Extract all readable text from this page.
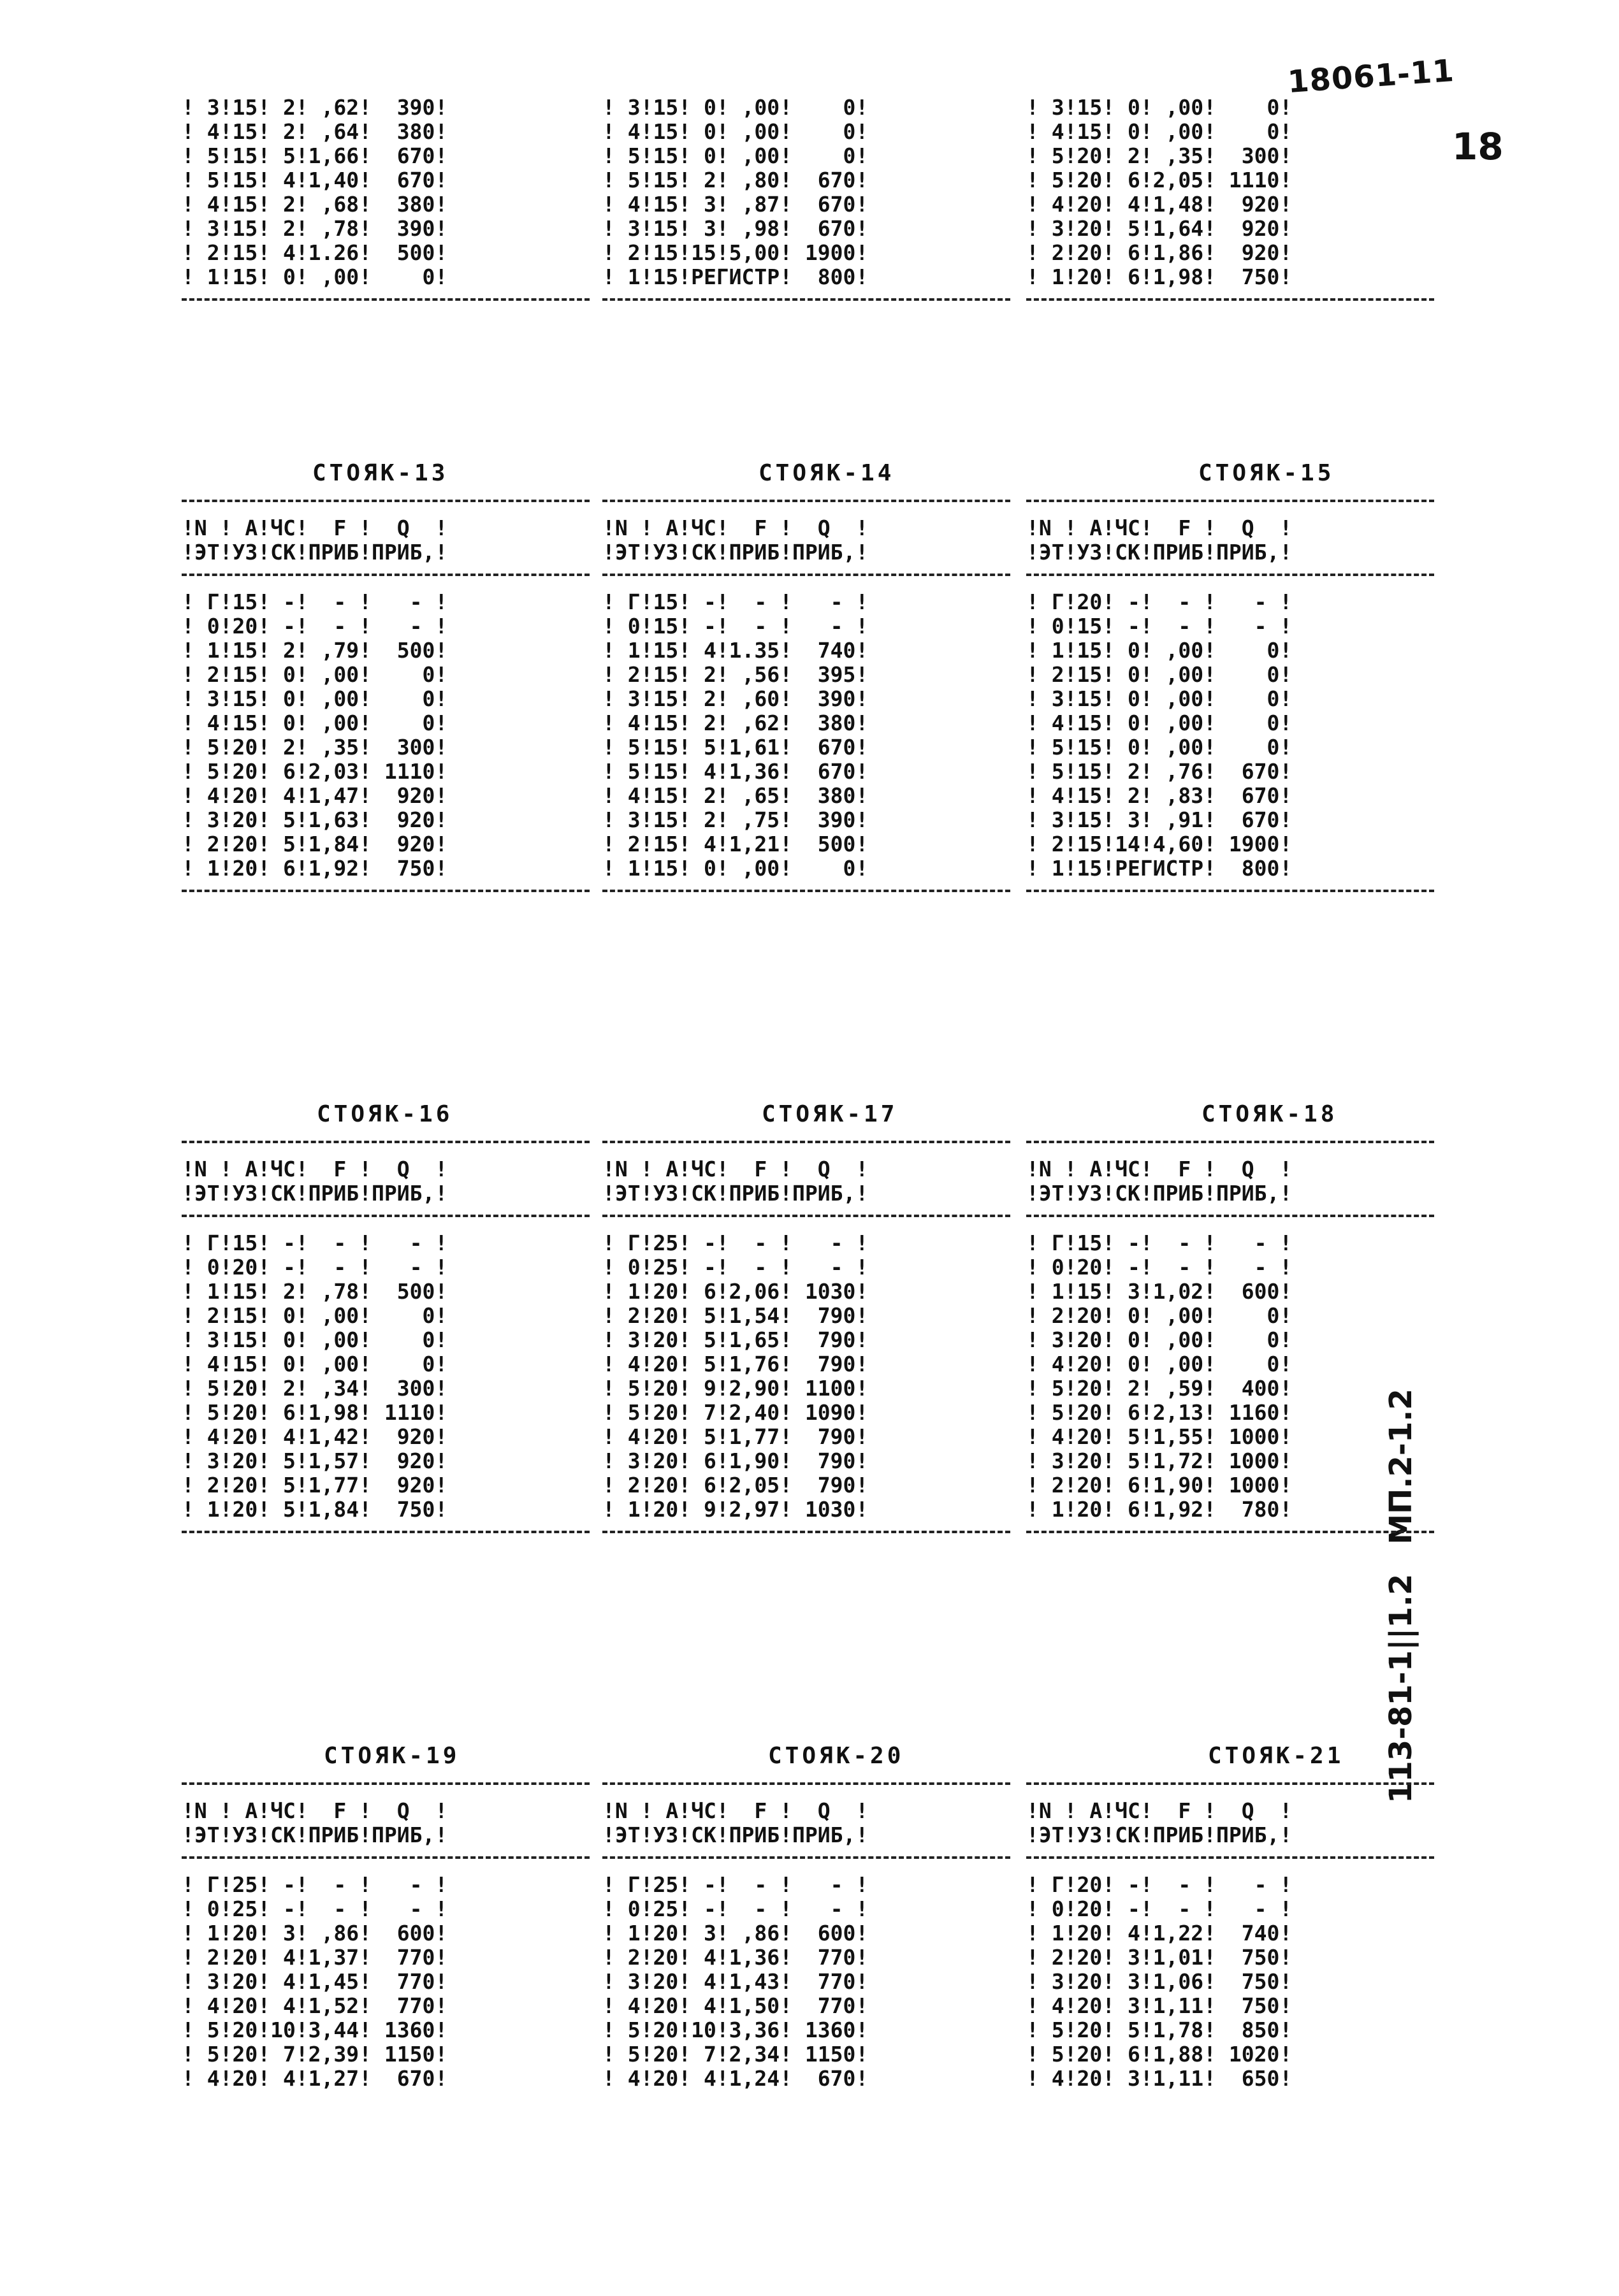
18061-11
18
113-81-1||1.2
МП.2-1.2
! 3!15! 2! ,62!  390!
! 4!15! 2! ,64!  380!
! 5!15! 5!1,66!  670!
! 5!15! 4!1,40!  670!
! 4!15! 2! ,68!  380!
! 3!15! 2! ,78!  390!
! 2!15! 4!1.26!  500!
! 1!15! 0! ,00!    0!
! 3!15! 0! ,00!    0!
! 4!15! 0! ,00!    0!
! 5!15! 0! ,00!    0!
! 5!15! 2! ,80!  670!
! 4!15! 3! ,87!  670!
! 3!15! 3! ,98!  670!
! 2!15!15!5,00! 1900!
! 1!15!РЕГИСТР!  800!
! 3!15! 0! ,00!    0!
! 4!15! 0! ,00!    0!
! 5!20! 2! ,35!  300!
! 5!20! 6!2,05! 1110!
! 4!20! 4!1,48!  920!
! 3!20! 5!1,64!  920!
! 2!20! 6!1,86!  920!
! 1!20! 6!1,98!  750!
СТОЯК-13	СТОЯК-14	СТОЯК-15
!N ! А!ЧС!  F !  Q  !
!ЭТ!УЗ!СК!ПРИБ!ПРИБ,!
! Г!15! -!  - !   - !
! 0!20! -!  - !   - !
! 1!15! 2! ,79!  500!
! 2!15! 0! ,00!    0!
! 3!15! 0! ,00!    0!
! 4!15! 0! ,00!    0!
! 5!20! 2! ,35!  300!
! 5!20! 6!2,03! 1110!
! 4!20! 4!1,47!  920!
! 3!20! 5!1,63!  920!
! 2!20! 5!1,84!  920!
! 1!20! 6!1,92!  750!
!N ! А!ЧС!  F !  Q  !
!ЭТ!УЗ!СК!ПРИБ!ПРИБ,!
! Г!15! -!  - !   - !
! 0!15! -!  - !   - !
! 1!15! 4!1.35!  740!
! 2!15! 2! ,56!  395!
! 3!15! 2! ,60!  390!
! 4!15! 2! ,62!  380!
! 5!15! 5!1,61!  670!
! 5!15! 4!1,36!  670!
! 4!15! 2! ,65!  380!
! 3!15! 2! ,75!  390!
! 2!15! 4!1,21!  500!
! 1!15! 0! ,00!    0!
!N ! А!ЧС!  F !  Q  !
!ЭТ!УЗ!СК!ПРИБ!ПРИБ,!
! Г!20! -!  - !   - !
! 0!15! -!  - !   - !
! 1!15! 0! ,00!    0!
! 2!15! 0! ,00!    0!
! 3!15! 0! ,00!    0!
! 4!15! 0! ,00!    0!
! 5!15! 0! ,00!    0!
! 5!15! 2! ,76!  670!
! 4!15! 2! ,83!  670!
! 3!15! 3! ,91!  670!
! 2!15!14!4,60! 1900!
! 1!15!РЕГИСТР!  800!
СТОЯК-16	СТОЯК-17	СТОЯК-18
!N ! А!ЧС!  F !  Q  !
!ЭТ!УЗ!СК!ПРИБ!ПРИБ,!
! Г!15! -!  - !   - !
! 0!20! -!  - !   - !
! 1!15! 2! ,78!  500!
! 2!15! 0! ,00!    0!
! 3!15! 0! ,00!    0!
! 4!15! 0! ,00!    0!
! 5!20! 2! ,34!  300!
! 5!20! 6!1,98! 1110!
! 4!20! 4!1,42!  920!
! 3!20! 5!1,57!  920!
! 2!20! 5!1,77!  920!
! 1!20! 5!1,84!  750!
!N ! А!ЧС!  F !  Q  !
!ЭТ!УЗ!СК!ПРИБ!ПРИБ,!
! Г!25! -!  - !   - !
! 0!25! -!  - !   - !
! 1!20! 6!2,06! 1030!
! 2!20! 5!1,54!  790!
! 3!20! 5!1,65!  790!
! 4!20! 5!1,76!  790!
! 5!20! 9!2,90! 1100!
! 5!20! 7!2,40! 1090!
! 4!20! 5!1,77!  790!
! 3!20! 6!1,90!  790!
! 2!20! 6!2,05!  790!
! 1!20! 9!2,97! 1030!
!N ! А!ЧС!  F !  Q  !
!ЭТ!УЗ!СК!ПРИБ!ПРИБ,!
! Г!15! -!  - !   - !
! 0!20! -!  - !   - !
! 1!15! 3!1,02!  600!
! 2!20! 0! ,00!    0!
! 3!20! 0! ,00!    0!
! 4!20! 0! ,00!    0!
! 5!20! 2! ,59!  400!
! 5!20! 6!2,13! 1160!
! 4!20! 5!1,55! 1000!
! 3!20! 5!1,72! 1000!
! 2!20! 6!1,90! 1000!
! 1!20! 6!1,92!  780!
СТОЯК-19	СТОЯК-20	СТОЯК-21
!N ! А!ЧС!  F !  Q  !
!ЭТ!УЗ!СК!ПРИБ!ПРИБ,!
! Г!25! -!  - !   - !
! 0!25! -!  - !   - !
! 1!20! 3! ,86!  600!
! 2!20! 4!1,37!  770!
! 3!20! 4!1,45!  770!
! 4!20! 4!1,52!  770!
! 5!20!10!3,44! 1360!
! 5!20! 7!2,39! 1150!
! 4!20! 4!1,27!  670!
!N ! А!ЧС!  F !  Q  !
!ЭТ!УЗ!СК!ПРИБ!ПРИБ,!
! Г!25! -!  - !   - !
! 0!25! -!  - !   - !
! 1!20! 3! ,86!  600!
! 2!20! 4!1,36!  770!
! 3!20! 4!1,43!  770!
! 4!20! 4!1,50!  770!
! 5!20!10!3,36! 1360!
! 5!20! 7!2,34! 1150!
! 4!20! 4!1,24!  670!
!N ! А!ЧС!  F !  Q  !
!ЭТ!УЗ!СК!ПРИБ!ПРИБ,!
! Г!20! -!  - !   - !
! 0!20! -!  - !   - !
! 1!20! 4!1,22!  740!
! 2!20! 3!1,01!  750!
! 3!20! 3!1,06!  750!
! 4!20! 3!1,11!  750!
! 5!20! 5!1,78!  850!
! 5!20! 6!1,88! 1020!
! 4!20! 3!1,11!  650!
